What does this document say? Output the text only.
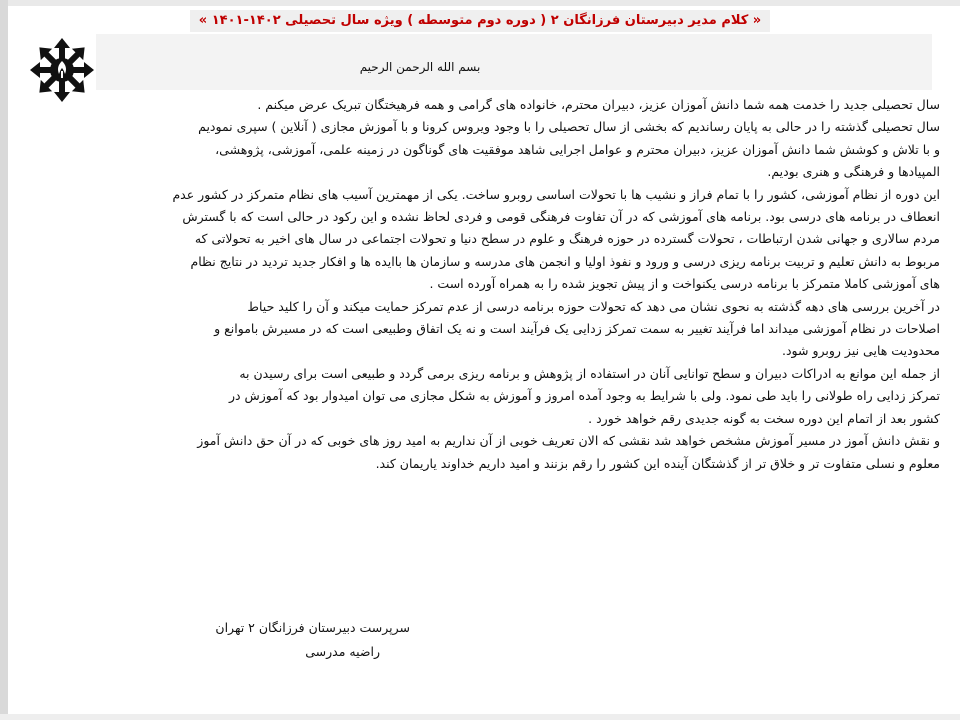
« کلام مدیر دبیرستان فرزانگان ۲ ( دوره دوم متوسطه ) ویژه سال تحصیلی ۱۴۰۲-۱۴۰۱ »
بسم الله الرحمن الرحیم
سال تحصیلی جدید را خدمت همه شما دانش آموزان عزیز، دبیران محترم، خانواده های گرامی و همه فرهیختگان تبریک عرض میکنم .
سال تحصیلی گذشته را در حالی به پایان رساندیم که بخشی از سال تحصیلی را با وجود ویروس کرونا و با آموزش مجازی ( آنلاین ) سپری نمودیم
و با تلاش و کوشش شما دانش آموزان عزیز، دبیران محترم و عوامل اجرایی شاهد موفقیت های گوناگون در زمینه علمی، آموزشی، پژوهشی،
المپیادها و فرهنگی و هنری بودیم.
این دوره از نظام آموزشی، کشور را با تمام فراز و نشیب ها با تحولات اساسی روبرو ساخت. یکی از مهمترین آسیب های نظام متمرکز در کشور عدم
انعطاف در برنامه های درسی بود. برنامه های آموزشی که در آن تفاوت فرهنگی قومی و فردی لحاظ نشده و این رکود در حالی است که با گسترش
مردم سالاری و جهانی شدن ارتباطات ، تحولات گسترده در حوزه فرهنگ و علوم در سطح دنیا و تحولات اجتماعی در سال های اخیر به تحولاتی که
مربوط به دانش تعلیم و تربیت برنامه ریزی درسی و ورود و نفوذ اولیا و انجمن های مدرسه و سازمان ها باایده ها و افکار جدید تردید در نتایج نظام
های آموزشی کاملا متمرکز با برنامه درسی یکنواخت و از پیش تجویز شده را به همراه آورده است .
در آخرین بررسی های دهه گذشته به نحوی نشان می دهد که تحولات حوزه برنامه درسی از عدم تمرکز حمایت میکند و آن را کلید حیاط
اصلاحات در نظام آموزشی میداند اما فرآیند تغییر به سمت تمرکز زدایی یک فرآیند است و نه یک اتفاق وطبیعی است که در مسیرش باموانع و
محدودیت هایی نیز روبرو شود.
از جمله این موانع به ادراکات دبیران و سطح توانایی آنان در استفاده از پژوهش و برنامه ریزی برمی گردد و طبیعی است برای رسیدن به
تمرکز زدایی راه طولانی را باید طی نمود. ولی با شرایط به وجود آمده امروز و آموزش به شکل مجازی می توان امیدوار بود که آموزش در
کشور بعد از اتمام این دوره سخت به گونه جدیدی رقم خواهد خورد .
و نقش دانش آموز در مسیر آموزش مشخص خواهد شد نقشی که الان تعریف خوبی از آن نداریم به امید روز های خوبی که در آن حق دانش آموز
معلوم و نسلی متفاوت تر و خلاق تر از گذشتگان آینده این کشور را رقم بزنند و امید داریم خداوند یاریمان کند.
سرپرست دبیرستان فرزانگان ۲ تهران
راضیه مدرسی
